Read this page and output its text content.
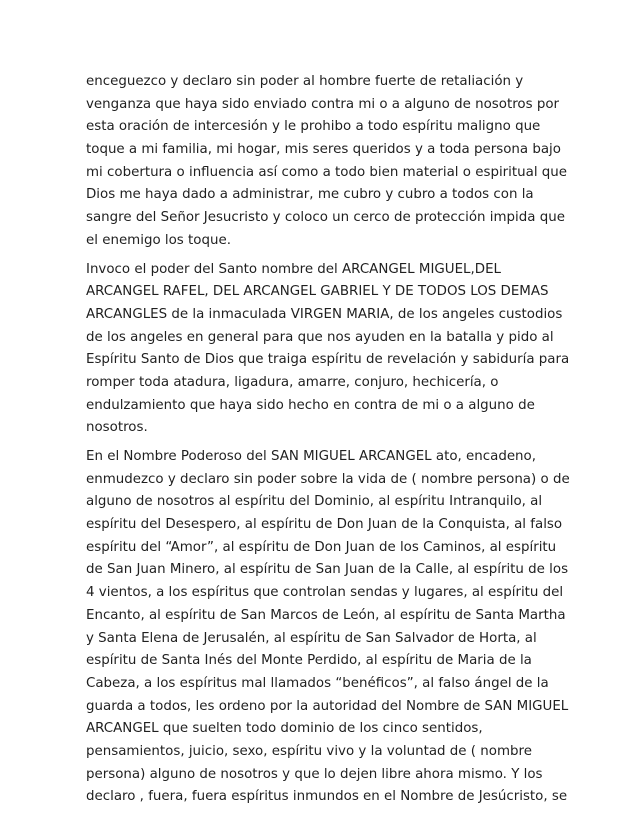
enceguezco y declaro sin poder al hombre fuerte de retaliación y
venganza que haya sido enviado contra mi o a alguno de nosotros por
esta oración de intercesión y le prohibo a todo espíritu maligno que
toque a mi familia, mi hogar, mis seres queridos y a toda persona bajo
mi cobertura o influencia así como a todo bien material o espiritual que
Dios me haya dado a administrar, me cubro y cubro a todos con la
sangre del Señor Jesucristo y coloco un cerco de protección impida que
el enemigo los toque.

Invoco el poder del Santo nombre del ARCANGEL MIGUEL,DEL
ARCANGEL RAFEL, DEL ARCANGEL GABRIEL Y DE TODOS LOS DEMAS
ARCANGLES de la inmaculada VIRGEN MARIA, de los angeles custodios
de los angeles en general para que nos ayuden en la batalla y pido al
Espíritu Santo de Dios que traiga espíritu de revelación y sabiduría para
romper toda atadura, ligadura, amarre, conjuro, hechicería, o
endulzamiento que haya sido hecho en contra de mi o a alguno de
nosotros.

En el Nombre Poderoso del SAN MIGUEL ARCANGEL ato, encadeno,
enmudezco y declaro sin poder sobre la vida de ( nombre persona) o de
alguno de nosotros al espíritu del Dominio, al espíritu Intranquilo, al
espíritu del Desespero, al espíritu de Don Juan de la Conquista, al falso
espíritu del “Amor”, al espíritu de Don Juan de los Caminos, al espíritu
de San Juan Minero, al espíritu de San Juan de la Calle, al espíritu de los
4 vientos, a los espíritus que controlan sendas y lugares, al espíritu del
Encanto, al espíritu de San Marcos de León, al espíritu de Santa Martha
y Santa Elena de Jerusalén, al espíritu de San Salvador de Horta, al
espíritu de Santa Inés del Monte Perdido, al espíritu de Maria de la
Cabeza, a los espíritus mal llamados “benéficos”, al falso ángel de la
guarda a todos, les ordeno por la autoridad del Nombre de SAN MIGUEL
ARCANGEL que suelten todo dominio de los cinco sentidos,
pensamientos, juicio, sexo, espíritu vivo y la voluntad de ( nombre
persona) alguno de nosotros y que lo dejen libre ahora mismo. Y los
declaro , fuera, fuera espíritus inmundos en el Nombre de Jesúcristo, se
